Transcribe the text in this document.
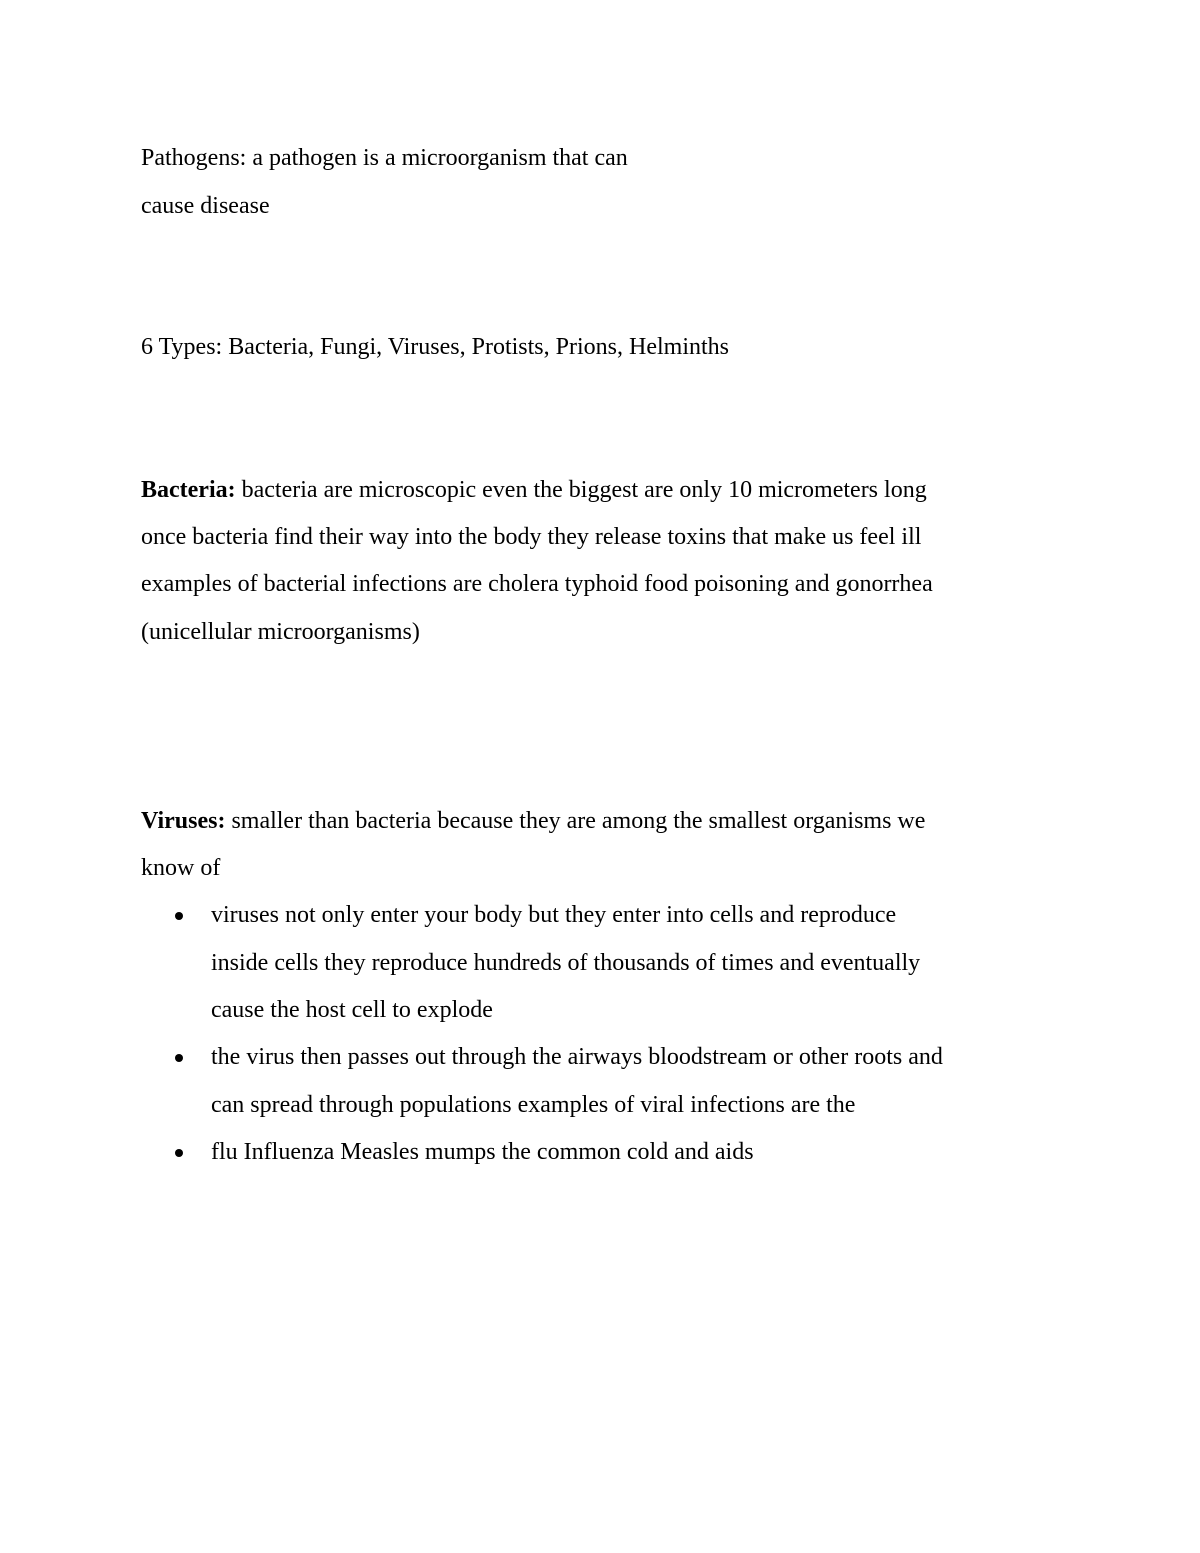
Pathogens: a pathogen is a microorganism that can
cause disease
6 Types: Bacteria, Fungi, Viruses, Protists, Prions, Helminths
Bacteria: bacteria are microscopic even the biggest are only 10 micrometers long
once bacteria find their way into the body they release toxins that make us feel ill
examples of bacterial infections are cholera typhoid food poisoning and gonorrhea
(unicellular microorganisms)
Viruses: smaller than bacteria because they are among the smallest organisms we
know of
viruses not only enter your body but they enter into cells and reproduce
inside cells they reproduce hundreds of thousands of times and eventually
cause the host cell to explode
the virus then passes out through the airways bloodstream or other roots and
can spread through populations examples of viral infections are the
flu Influenza Measles mumps the common cold and aids
